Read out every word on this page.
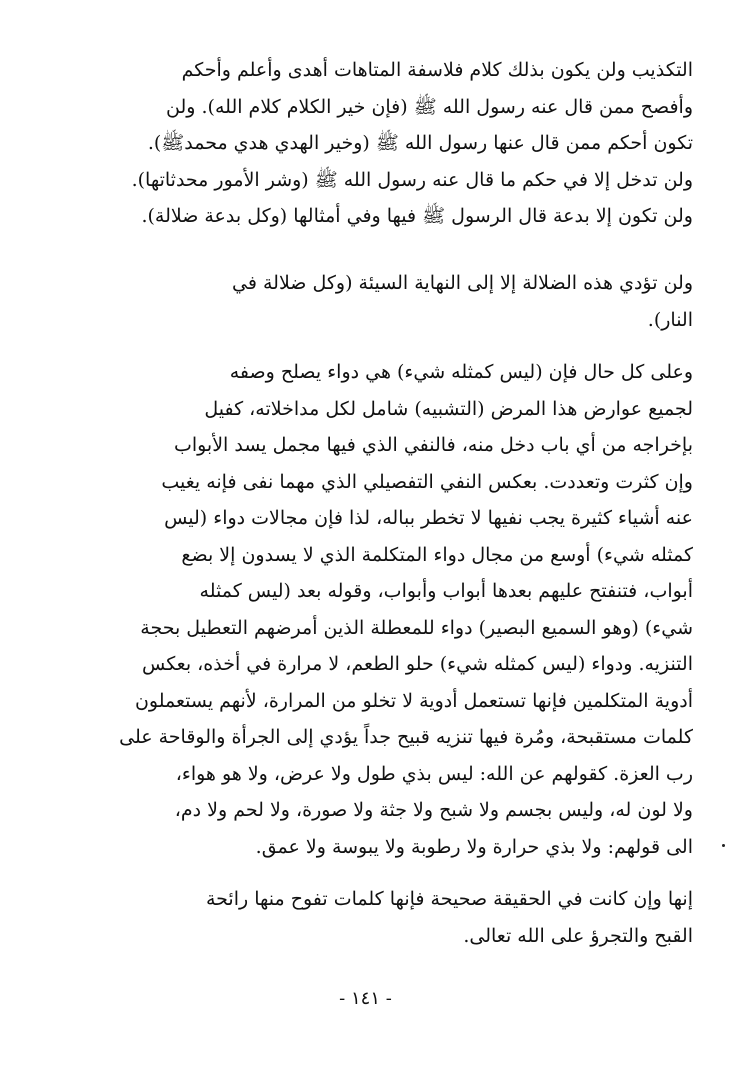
التكذيب ولن يكون بذلك كلام فلاسفة المتاهات أهدى وأعلم وأحكم
وأفصح ممن قال عنه رسول الله ﷺ (فإن خير الكلام كلام الله). ولن
تكون أحكم ممن قال عنها رسول الله ﷺ (وخير الهدي هدي محمدﷺ).
ولن تدخل إلا في حكم ما قال عنه رسول الله ﷺ (وشر الأمور محدثاتها).
ولن تكون إلا بدعة قال الرسول ﷺ فيها وفي أمثالها (وكل بدعة ضلالة).
ولن تؤدي هذه الضلالة إلا إلى النهاية السيئة (وكل ضلالة في
النار).
وعلى كل حال فإن (ليس كمثله شيء) هي دواء يصلح وصفه
لجميع عوارض هذا المرض (التشبيه) شامل لكل مداخلاته، كفيل
بإخراجه من أي باب دخل منه، فالنفي الذي فيها مجمل يسد الأبواب
وإن كثرت وتعددت. بعكس النفي التفصيلي الذي مهما نفى فإنه يغيب
عنه أشياء كثيرة يجب نفيها لا تخطر بباله، لذا فإن مجالات دواء (ليس
كمثله شيء) أوسع من مجال دواء المتكلمة الذي لا يسدون إلا بضع
أبواب، فتنفتح عليهم بعدها أبواب وأبواب، وقوله بعد (ليس كمثله
شيء) (وهو السميع البصير) دواء للمعطلة الذين أمرضهم التعطيل بحجة
التنزيه. ودواء (ليس كمثله شيء) حلو الطعم، لا مرارة في أخذه، بعكس
أدوية المتكلمين فإنها تستعمل أدوية لا تخلو من المرارة، لأنهم يستعملون
كلمات مستقبحة، ومُرة فيها تنزيه قبيح جداً يؤدي إلى الجرأة والوقاحة على
رب العزة. كقولهم عن الله: ليس بذي طول ولا عرض، ولا هو هواء،
ولا لون له، وليس بجسم ولا شبح ولا جثة ولا صورة، ولا لحم ولا دم،
الى قولهم: ولا بذي حرارة ولا رطوبة ولا يبوسة ولا عمق.
إنها وإن كانت في الحقيقة صحيحة فإنها كلمات تفوح منها رائحة
القبح والتجرؤ على الله تعالى.
- ١٤١ -
